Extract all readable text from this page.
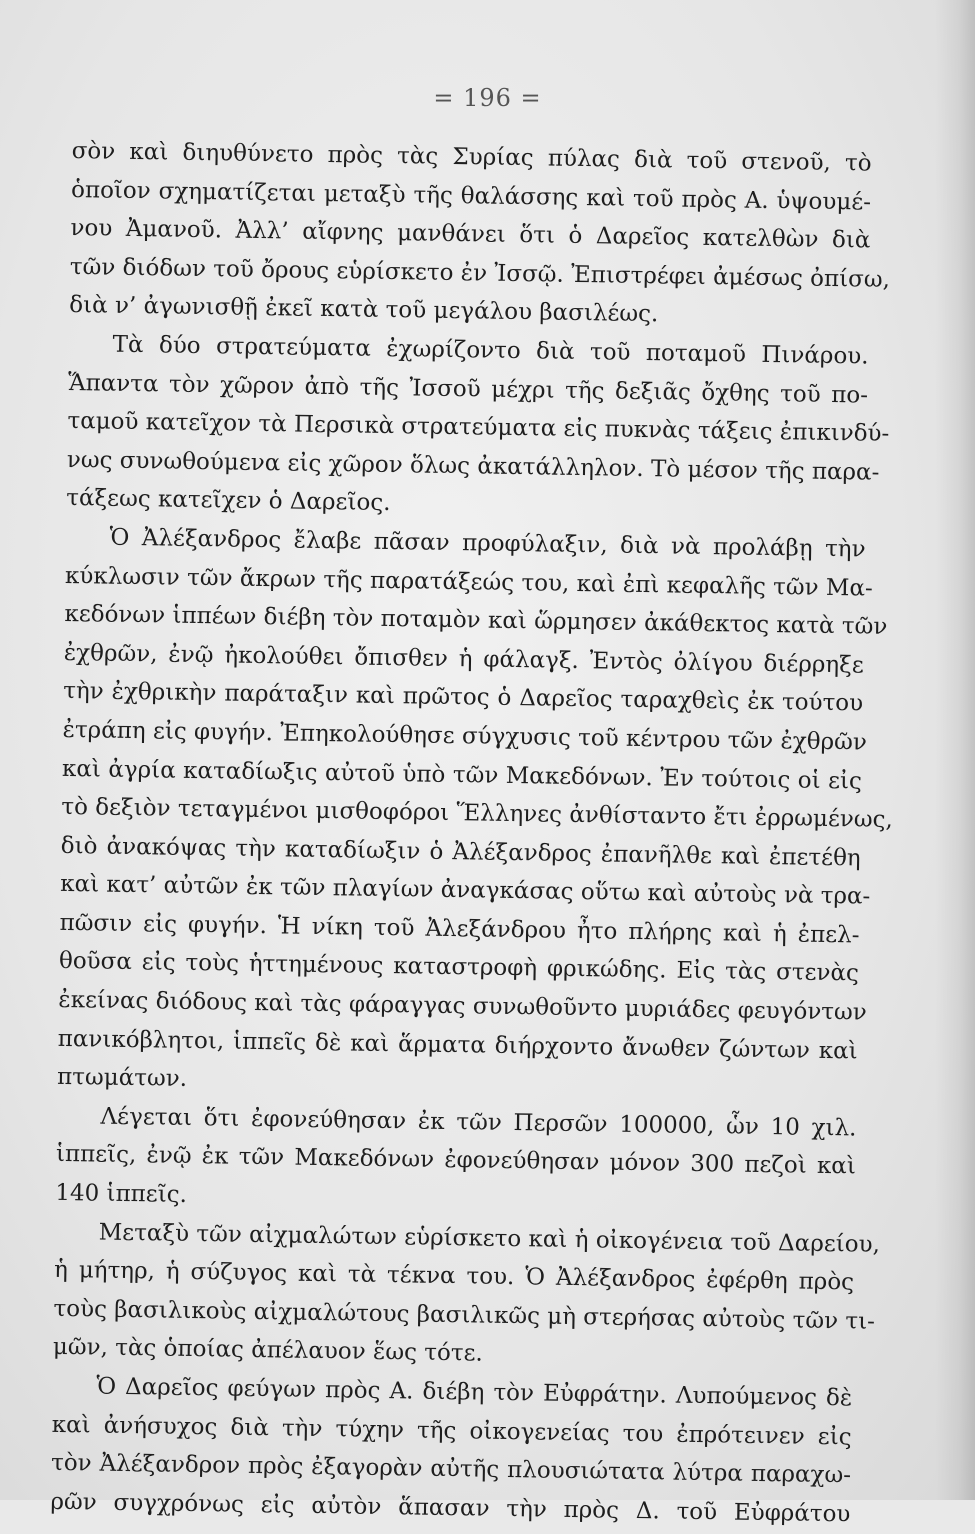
= 196 =
σὸν καὶ διηυθύνετο πρὸς τὰς Συρίας πύλας διὰ τοῦ στενοῦ, τὸ
ὁποῖον σχηματίζεται μεταξὺ τῆς θαλάσσης καὶ τοῦ πρὸς Α. ὑψουμέ-
νου Ἀμανοῦ. Ἀλλ’ αἴφνης μανθάνει ὅτι ὁ Δαρεῖος κατελθὼν διὰ
τῶν διόδων τοῦ ὄρους εὑρίσκετο ἐν Ἰσσῷ. Ἐπιστρέφει ἀμέσως ὀπίσω,
διὰ ν’ ἀγωνισθῇ ἐκεῖ κατὰ τοῦ μεγάλου βασιλέως.
Τὰ δύο στρατεύματα ἐχωρίζοντο διὰ τοῦ ποταμοῦ Πινάρου.
Ἅπαντα τὸν χῶρον ἀπὸ τῆς Ἰσσοῦ μέχρι τῆς δεξιᾶς ὄχθης τοῦ πο-
ταμοῦ κατεῖχον τὰ Περσικὰ στρατεύματα εἰς πυκνὰς τάξεις ἐπικινδύ-
νως συνωθούμενα εἰς χῶρον ὅλως ἀκατάλληλον. Τὸ μέσον τῆς παρα-
τάξεως κατεῖχεν ὁ Δαρεῖος.
Ὁ Ἀλέξανδρος ἔλαβε πᾶσαν προφύλαξιν, διὰ νὰ προλάβῃ τὴν
κύκλωσιν τῶν ἄκρων τῆς παρατάξεώς του, καὶ ἐπὶ κεφαλῆς τῶν Μα-
κεδόνων ἱππέων διέβη τὸν ποταμὸν καὶ ὥρμησεν ἀκάθεκτος κατὰ τῶν
ἐχθρῶν, ἐνῷ ἠκολούθει ὄπισθεν ἡ φάλαγξ. Ἐντὸς ὀλίγου διέρρηξε
τὴν ἐχθρικὴν παράταξιν καὶ πρῶτος ὁ Δαρεῖος ταραχθεὶς ἐκ τούτου
ἐτράπη εἰς φυγήν. Ἐπηκολούθησε σύγχυσις τοῦ κέντρου τῶν ἐχθρῶν
καὶ ἀγρία καταδίωξις αὐτοῦ ὑπὸ τῶν Μακεδόνων. Ἐν τούτοις οἱ εἰς
τὸ δεξιὸν τεταγμένοι μισθοφόροι Ἕλληνες ἀνθίσταντο ἔτι ἐρρωμένως,
διὸ ἀνακόψας τὴν καταδίωξιν ὁ Ἀλέξανδρος ἐπανῆλθε καὶ ἐπετέθη
καὶ κατ’ αὐτῶν ἐκ τῶν πλαγίων ἀναγκάσας οὕτω καὶ αὐτοὺς νὰ τρα-
πῶσιν εἰς φυγήν. Ἡ νίκη τοῦ Ἀλεξάνδρου ἦτο πλήρης καὶ ἡ ἐπελ-
θοῦσα εἰς τοὺς ἡττημένους καταστροφὴ φρικώδης. Εἰς τὰς στενὰς
ἐκείνας διόδους καὶ τὰς φάραγγας συνωθοῦντο μυριάδες φευγόντων
πανικόβλητοι, ἱππεῖς δὲ καὶ ἅρματα διήρχοντο ἄνωθεν ζώντων καὶ
πτωμάτων.
Λέγεται ὅτι ἐφονεύθησαν ἐκ τῶν Περσῶν 100000, ὧν 10 χιλ.
ἱππεῖς, ἐνῷ ἐκ τῶν Μακεδόνων ἐφονεύθησαν μόνον 300 πεζοὶ καὶ
140 ἱππεῖς.
Μεταξὺ τῶν αἰχμαλώτων εὑρίσκετο καὶ ἡ οἰκογένεια τοῦ Δαρείου,
ἡ μήτηρ, ἡ σύζυγος καὶ τὰ τέκνα του. Ὁ Ἀλέξανδρος ἐφέρθη πρὸς
τοὺς βασιλικοὺς αἰχμαλώτους βασιλικῶς μὴ στερήσας αὐτοὺς τῶν τι-
μῶν, τὰς ὁποίας ἀπέλαυον ἕως τότε.
Ὁ Δαρεῖος φεύγων πρὸς Α. διέβη τὸν Εὐφράτην. Λυπούμενος δὲ
καὶ ἀνήσυχος διὰ τὴν τύχην τῆς οἰκογενείας του ἐπρότεινεν εἰς
τὸν Ἀλέξανδρον πρὸς ἐξαγορὰν αὐτῆς πλουσιώτατα λύτρα παραχω-
ρῶν συγχρόνως εἰς αὐτὸν ἅπασαν τὴν πρὸς Δ. τοῦ Εὐφράτου
